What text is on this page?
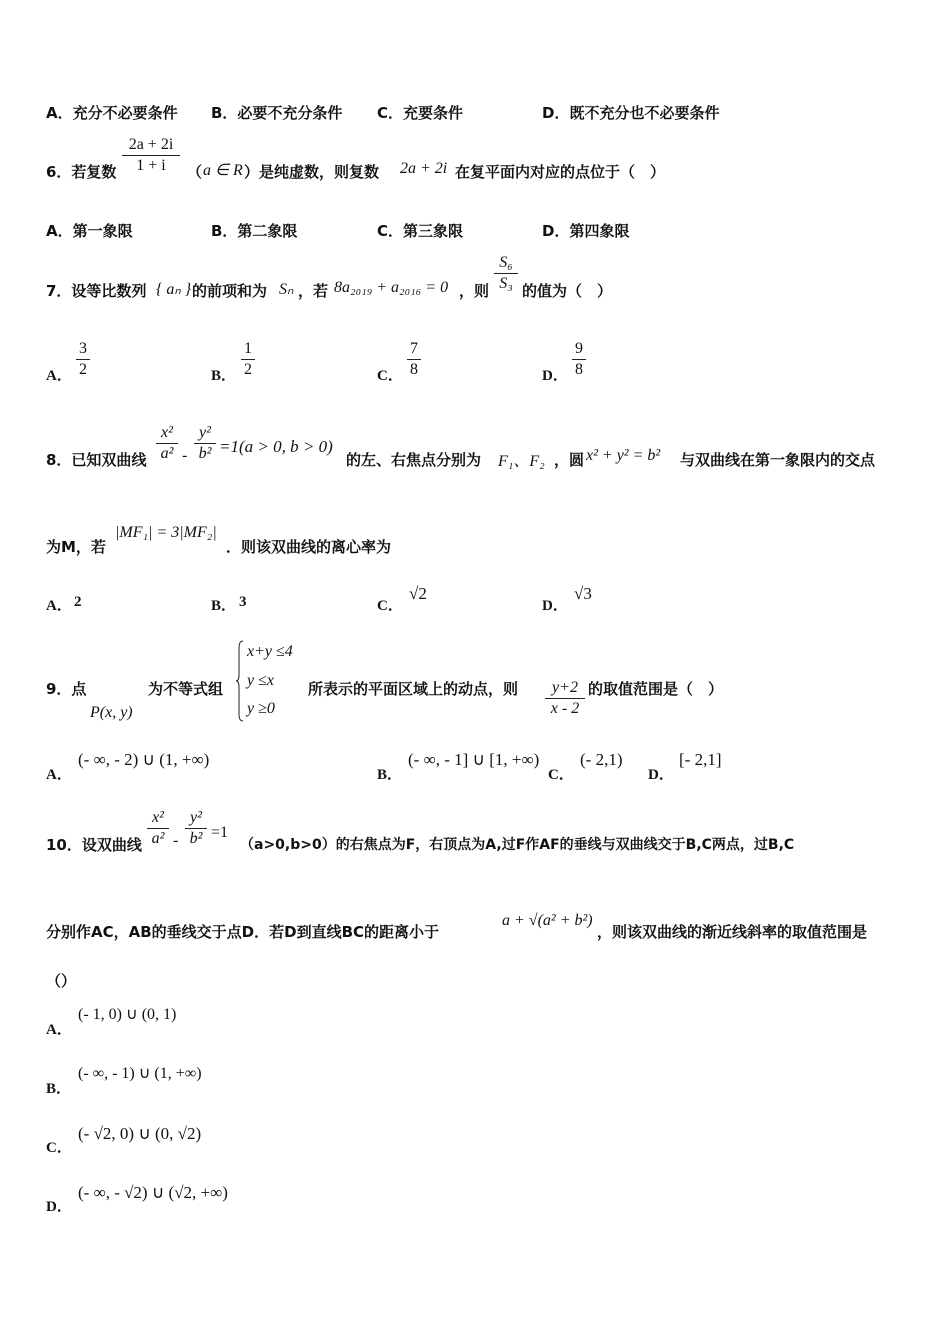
A．充分不必要条件 B．必要不充分条件 C．充要条件	D．既不充分也不必要条件
6．若复数
2a + 2i
1 + i	（ a ∈ R ）是纯虚数，则复数 2a + 2i 在复平面内对应的点位于（　）
A．第一象限	B．第二象限	C．第三象限	D．第四象限
7．设等比数列 { aₙ } 的前项和为 Sₙ ，若 8a₂₀₁₉ + a₂₀₁₆ = 0 ，则
S₆
S₃ 的值为（　）
A．
3
2	B．
1
2	C．
7
8	D．
9
8
8．已知双曲线
x²
a² -
y²
b² =1(a > 0, b > 0)
的左、右焦点分别为 F₁、F₂ ，圆 x² + y² = b² 与双曲线在第一象限内的交点
为M，若
|MF₁| = 3|MF₂|
．则该双曲线的离心率为
A． 2	B． 3	C．
√2
D．
√3
9．点
P(x, y)
为不等式组
x+y ≤4
y ≤x
y ≥0
所表示的平面区域上的动点，则	y+2
x - 2
的取值范围是（　）
A．
(- ∞, - 2) ∪ (1, +∞)
B．
(- ∞, - 1] ∪ [1, +∞)
C．
(- 2,1)
D．
[- 2,1]
10．设双曲线
x²
a² -
y²
b² =1
（a>0,b>0）的右焦点为F，右顶点为A,过F作AF的垂线与双曲线交于B,C两点，过B,C
分别作AC，AB的垂线交于点D．若D到直线BC的距离小于
a + √(a² + b²)
，则该双曲线的渐近线斜率的取值范围是
（）
A．
(- 1, 0) ∪ (0, 1)
B．
(- ∞, - 1) ∪ (1, +∞)
C．
(- √2, 0) ∪ (0, √2)
D．
(- ∞, - √2) ∪ (√2, +∞)
